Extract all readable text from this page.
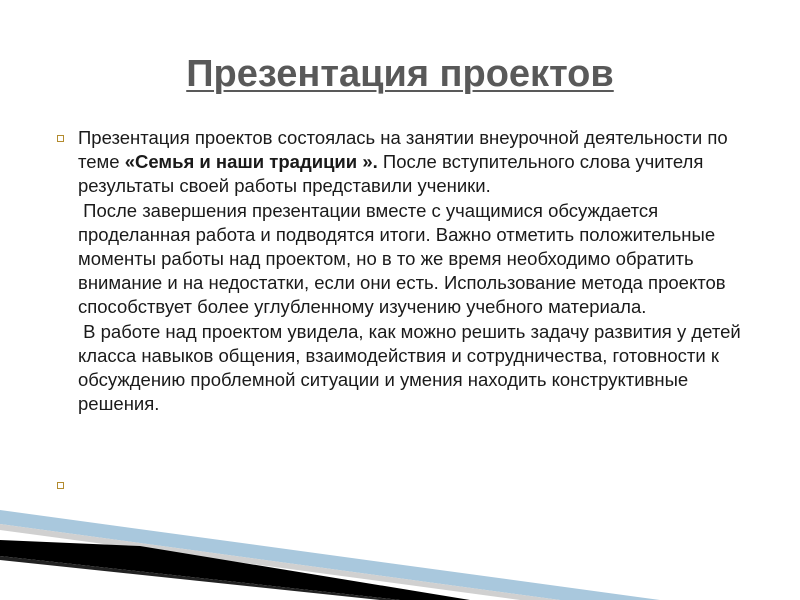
Презентация проектов
Презентация проектов состоялась на занятии внеурочной деятельности по теме «Семья и наши традиции ». После вступительного слова учителя результаты своей работы представили ученики.
После завершения презентации вместе с учащимися обсуждается проделанная работа и подводятся итоги. Важно отметить положительные моменты работы над проектом, но в то же время необходимо обратить внимание и на недостатки, если они есть. Использование метода проектов способствует более углубленному изучению учебного материала.
В работе над проектом увидела, как можно решить задачу развития у детей класса навыков общения, взаимодействия и сотрудничества, готовности к обсуждению проблемной ситуации и умения находить конструктивные решения.
